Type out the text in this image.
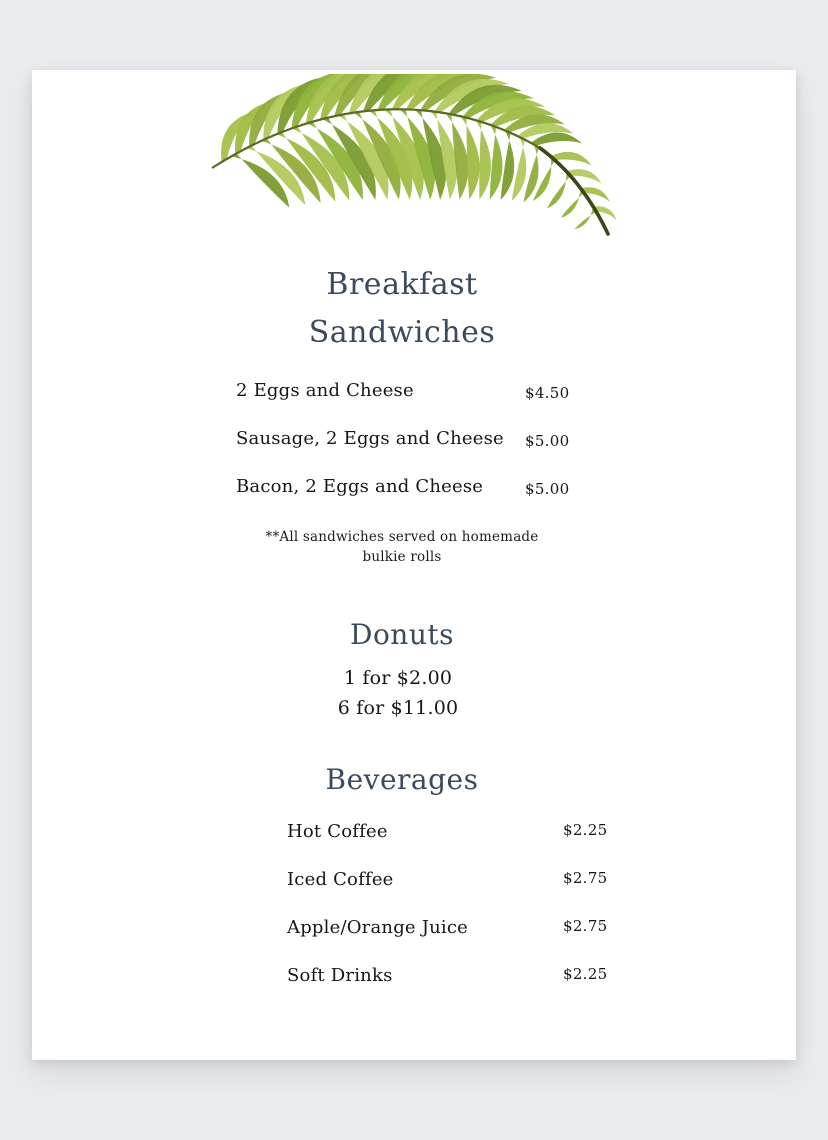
Breakfast
Sandwiches
2 Eggs and Cheese	$4.50
Sausage, 2 Eggs and Cheese $5.00
Bacon, 2 Eggs and Cheese	$5.00
**All sandwiches served on homemade bulkie rolls
Donuts
1 for $2.00
6 for $11.00
Beverages
Hot Coffee	$2.25
Iced Coffee	$2.75
Apple/Orange Juice	$2.75
Soft Drinks	$2.25
